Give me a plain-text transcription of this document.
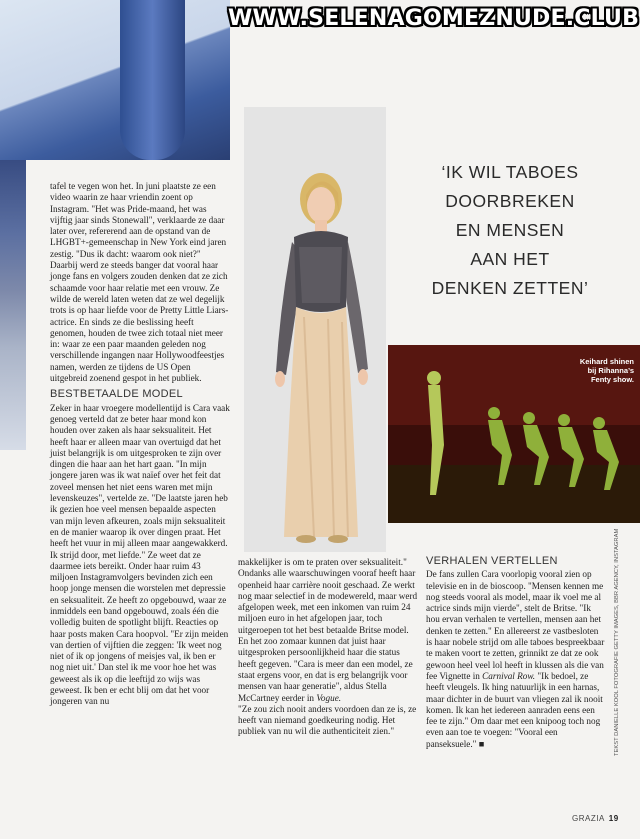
Keihard shinen
bij Rihanna’s
Fenty show.
WWW.SELENAGOMEZNUDE.CLUB
‘IK WIL TABOES
DOORBREKEN
EN MENSEN
AAN HET
DENKEN ZETTEN’

tafel te vegen won het. In juni plaatste ze een video waarin ze haar vriendin zoent op Instagram. "Het was Pride-maand, het was vijftig jaar sinds Stonewall", verklaarde ze daar later over, refererend aan de opstand van de LHGBT+-gemeenschap in New York eind jaren zestig. "Dus ik dacht: waarom ook niet?" Daarbij werd ze steeds banger dat vooral haar jonge fans en volgers zouden denken dat ze zich schaamde voor haar relatie met een vrouw. Ze wilde de wereld laten weten dat ze wel degelijk trots is op haar liefde voor de Pretty Little Liars-actrice. En sinds ze die beslissing heeft genomen, houden de twee zich totaal niet meer in: waar ze een paar maanden geleden nog verschillende ingangen naar Hollywoodfeestjes namen, werden ze tijdens de US Open uitgebreid zoenend gespot in het publiek.

BESTBETAALDE MODEL

Zeker in haar vroegere modellentijd is Cara vaak genoeg verteld dat ze beter haar mond kon houden over zaken als haar seksualiteit. Het heeft haar er alleen maar van overtuigd dat het juist belangrijk is om uitgesproken te zijn over dingen die haar aan het hart gaan. "In mijn jongere jaren was ik wat naïef over het feit dat zoveel mensen het niet eens waren met mijn levenskeuzes", vertelde ze. "De laatste jaren heb ik gezien hoe veel mensen bepaalde aspecten van mijn leven afkeuren, zoals mijn seksualiteit en de manier waarop ik over dingen praat. Het heeft het vuur in mij alleen maar aangewakkerd. Ik strijd door, met liefde." Ze weet dat ze daarmee iets bereikt. Onder haar ruim 43 miljoen Instagramvolgers bevinden zich een hoop jonge mensen die worstelen met depressie en seksualiteit. Ze heeft zo opgebouwd, waar ze inmiddels een band opgebouwd, zoals één die volledig buiten de spotlight blijft. Reacties op haar posts maken Cara hoopvol. "Er zijn meiden van dertien of vijftien die zeggen: 'Ik weet nog niet of ik op jongens of meisjes val, ik ben er nog niet uit.' Dan stel ik me voor hoe het was geweest als ik op die leeftijd zo wijs was geweest. Ik ben er echt blij om dat het voor jongeren van nu

makkelijker is om te praten over seksualiteit." Ondanks alle waarschuwingen vooraf heeft haar openheid haar carrière nooit geschaad. Ze werkt nog maar selectief in de modewereld, maar werd afgelopen week, met een inkomen van ruim 24 miljoen euro in het afgelopen jaar, toch uitgeroepen tot het best betaalde Britse model. En het zoo zomaar kunnen dat juist haar uitgesproken persoonlijkheid haar die status heeft gegeven. "Cara is meer dan een model, ze staat ergens voor, en dat is erg belangrijk voor mensen van haar generatie", aldus Stella McCartney eerder in Vogue.
"Ze zou zich nooit anders voordoen dan ze is, ze heeft van niemand goedkeuring nodig. Het publiek van nu wil die authenticiteit zien."

VERHALEN VERTELLEN

De fans zullen Cara voorlopig vooral zien op televisie en in de bioscoop. "Mensen kennen me nog steeds vooral als model, maar ik voel me al actrice sinds mijn vierde", stelt de Britse. "Ik hou ervan verhalen te vertellen, mensen aan het denken te zetten." En allereerst ze vastbesloten is haar nobele strijd om alle taboes bespreekbaar te maken voort te zetten, grinnikt ze dat ze ook gewoon heel veel lol heeft in klussen als die van fee Vignette in Carnival Row. "Ik bedoel, ze heeft vleugels. Ik hing natuurlijk in een harnas, maar dichter in de buurt van vliegen zal ik nooit komen. Ik kan het iedereen aanraden eens een fee te zijn." Om daar met een knipoog toch nog even aan toe te voegen: "Vooral een panseksuele." ■	TEKST DANIELLE KOOL FOTOGRAFIE GETTY IMAGES, BBR AGENCY, INSTAGRAM
GRAZIA 19
